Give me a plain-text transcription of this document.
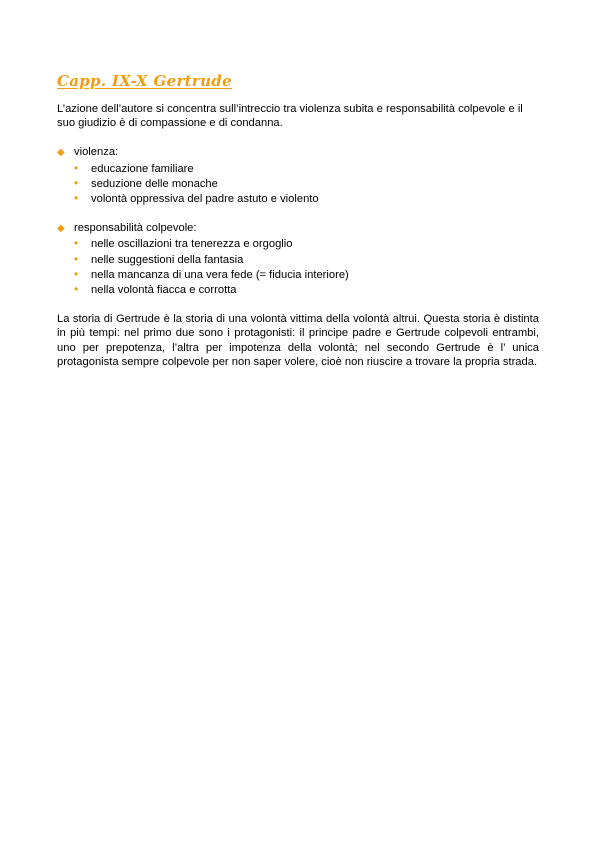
Capp. IX-X Gertrude

L’azione dell’autore si concentra sull’intreccio tra violenza subita e responsabilità colpevole e il suo giudizio è di compassione e di condanna.

◆ violenza:
•	educazione familiare
•	seduzione delle monache
•	volontà oppressiva del padre astuto e violento
◆ responsabilità colpevole:
•	nelle oscillazioni tra tenerezza e orgoglio
•	nelle suggestioni della fantasia
•	nella mancanza di una vera fede (= fiducia interiore)
•	nella volontà fiacca e corrotta

La storia di Gertrude è la storia di una volontà vittima della volontà altrui. Questa storia è distinta in più tempi: nel primo due sono i protagonisti: il principe padre e Gertrude colpevoli entrambi, uno per prepotenza, l’altra per impotenza della volontà; nel secondo Gertrude è l’ unica protagonista sempre colpevole per non saper volere, cioè non riuscire a trovare la propria strada.
